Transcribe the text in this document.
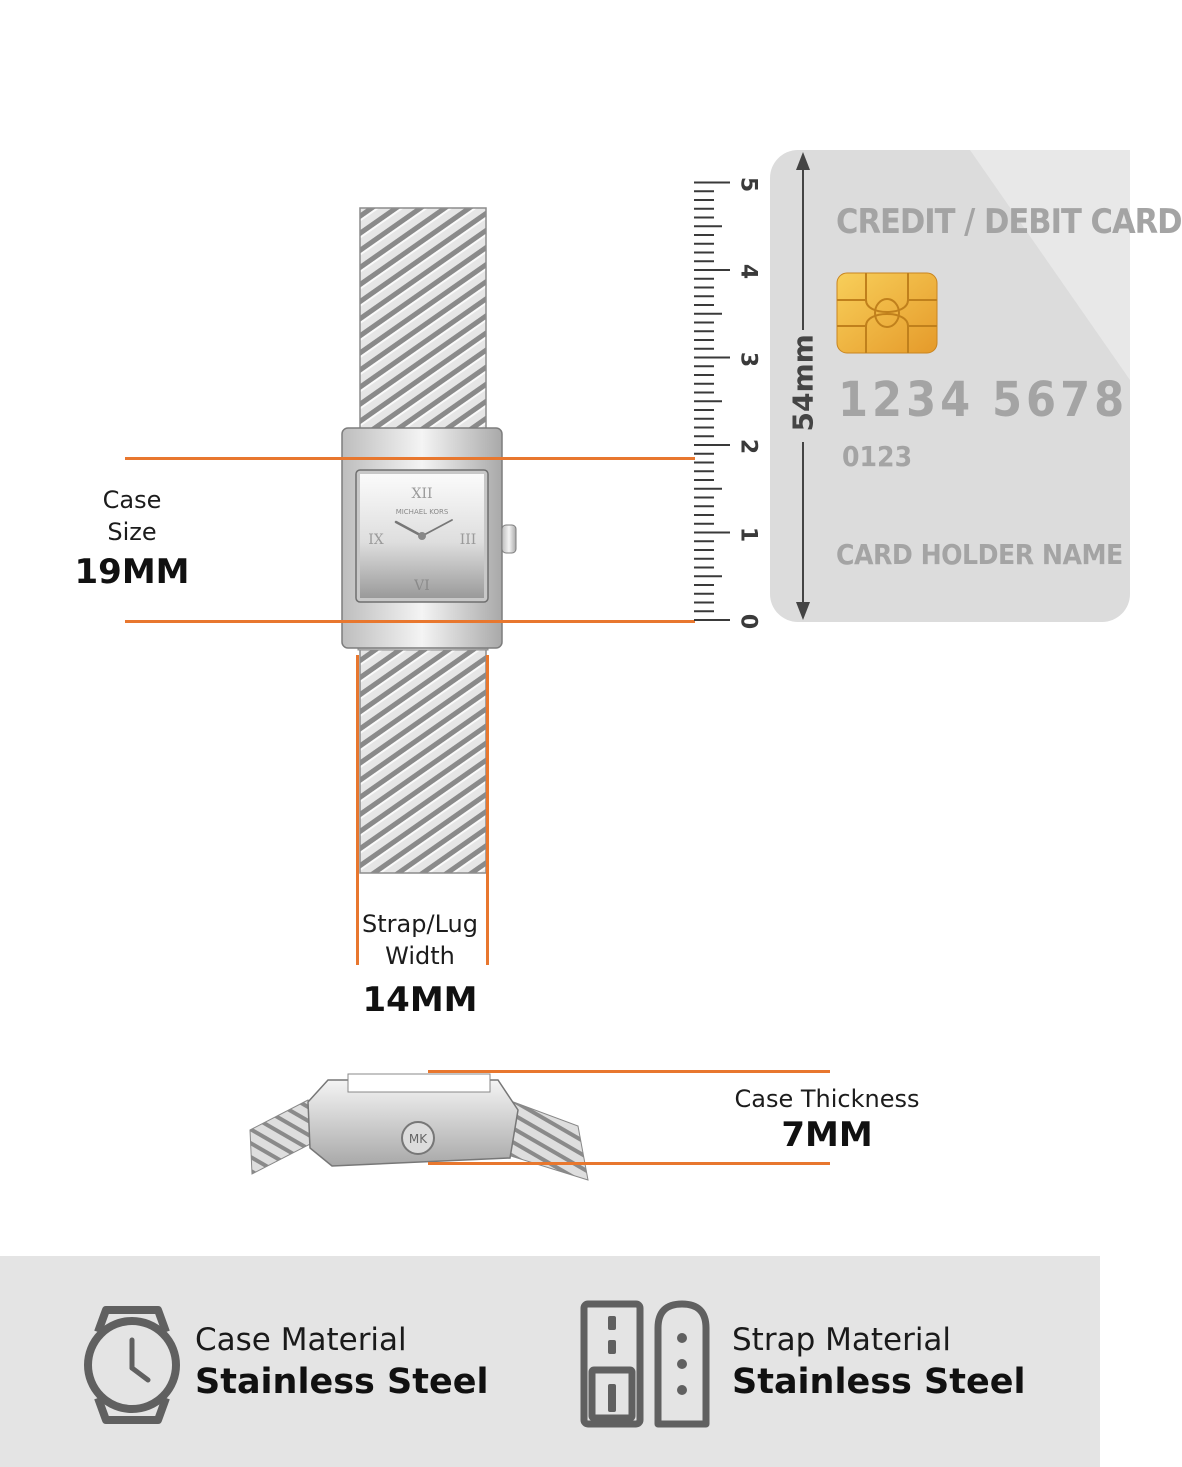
XII
III
VI
IX
MICHAEL KORS
Case
Size
19MM
Strap/Lug
Width
14MM
5
4
3
2
1
0
CREDIT / DEBIT CARD
1234 5678
0123
CARD HOLDER NAME
54mm
MK
Case Thickness
7MM
Case Material
Stainless Steel
Strap Material
Stainless Steel
